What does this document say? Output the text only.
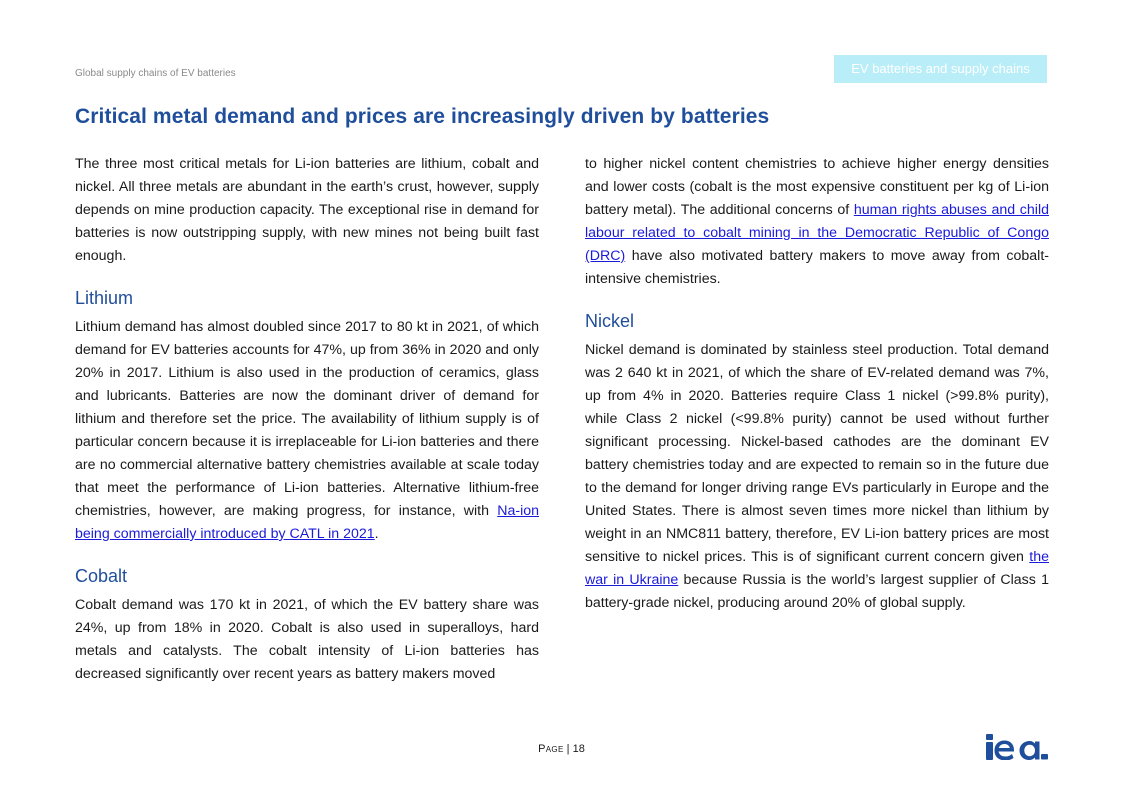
Global supply chains of EV batteries	EV batteries and supply chains
Critical metal demand and prices are increasingly driven by batteries

The three most critical metals for Li-ion batteries are lithium, cobalt and nickel. All three metals are abundant in the earth’s crust, however, supply depends on mine production capacity. The exceptional rise in demand for batteries is now outstripping supply, with new mines not being built fast enough.

Lithium

Lithium demand has almost doubled since 2017 to 80 kt in 2021, of which demand for EV batteries accounts for 47%, up from 36% in 2020 and only 20% in 2017. Lithium is also used in the production of ceramics, glass and lubricants. Batteries are now the dominant driver of demand for lithium and therefore set the price. The availability of lithium supply is of particular concern because it is irreplaceable for Li-ion batteries and there are no commercial alternative battery chemistries available at scale today that meet the performance of Li-ion batteries. Alternative lithium-free chemistries, however, are making progress, for instance, with Na-ion being commercially introduced by CATL in 2021.

Cobalt

Cobalt demand was 170 kt in 2021, of which the EV battery share was 24%, up from 18% in 2020. Cobalt is also used in superalloys, hard metals and catalysts. The cobalt intensity of Li-ion batteries has decreased significantly over recent years as battery makers moved

to higher nickel content chemistries to achieve higher energy densities and lower costs (cobalt is the most expensive constituent per kg of Li-ion battery metal). The additional concerns of human rights abuses and child labour related to cobalt mining in the Democratic Republic of Congo (DRC) have also motivated battery makers to move away from cobalt-intensive chemistries.

Nickel

Nickel demand is dominated by stainless steel production. Total demand was 2 640 kt in 2021, of which the share of EV-related demand was 7%, up from 4% in 2020. Batteries require Class 1 nickel (>99.8% purity), while Class 2 nickel (<99.8% purity) cannot be used without further significant processing. Nickel-based cathodes are the dominant EV battery chemistries today and are expected to remain so in the future due to the demand for longer driving range EVs particularly in Europe and the United States. There is almost seven times more nickel than lithium by weight in an NMC811 battery, therefore, EV Li-ion battery prices are most sensitive to nickel prices. This is of significant current concern given the war in Ukraine because Russia is the world’s largest supplier of Class 1 battery-grade nickel, producing around 20% of global supply.

Page | 18
